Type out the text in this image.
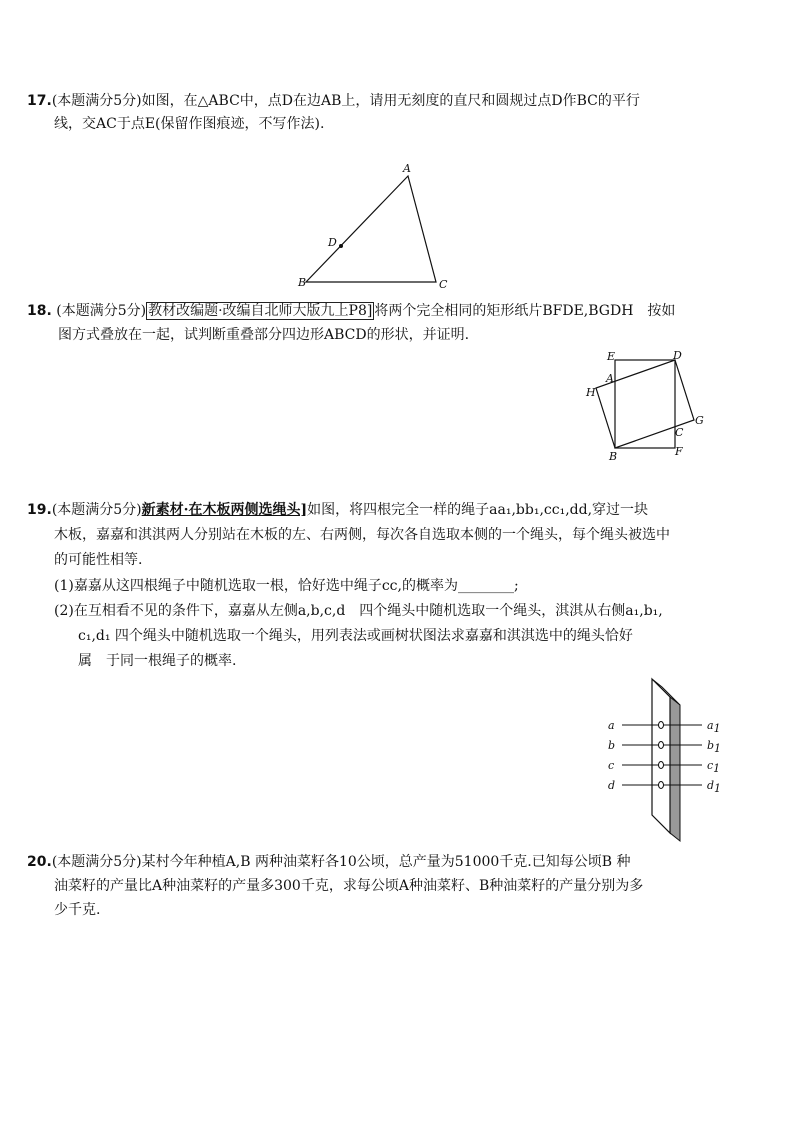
17.(本题满分5分)如图，在△ABC中，点D在边AB上，请用无刻度的直尺和圆规过点D作BC的平行
线，交AC于点E(保留作图痕迹，不写作法).
A
B	C
D
18. (本题满分5分) 教材改编题·改编自北师大版九上P8] 将两个完全相同的矩形纸片BFDE,BGDH　按如
图方式叠放在一起，试判断重叠部分四边形ABCD的形状，并证明.
E	D
A
H
G
C
B	F
19.(本题满分5分)新素材·在木板两侧选绳头]如图，将四根完全一样的绳子aa₁,bb₁,cc₁,dd,穿过一块
木板，嘉嘉和淇淇两人分别站在木板的左、右两侧，每次各自选取本侧的一个绳头，每个绳头被选中
的可能性相等.
(1)嘉嘉从这四根绳子中随机选取一根，恰好选中绳子cc,的概率为________;
(2)在互相看不见的条件下，嘉嘉从左侧a,b,c,d　四个绳头中随机选取一个绳头，淇淇从右侧a₁,b₁,
c₁,d₁ 四个绳头中随机选取一个绳头，用列表法或画树状图法求嘉嘉和淇淇选中的绳头恰好
属　于同一根绳子的概率.
a
b
c
d
a1
b1
c1
d1
20.(本题满分5分)某村今年种植A,B 两种油菜籽各10公顷，总产量为51000千克.已知每公顷B 种
油菜籽的产量比A种油菜籽的产量多300千克，求每公顷A种油菜籽、B种油菜籽的产量分别为多
少千克.
